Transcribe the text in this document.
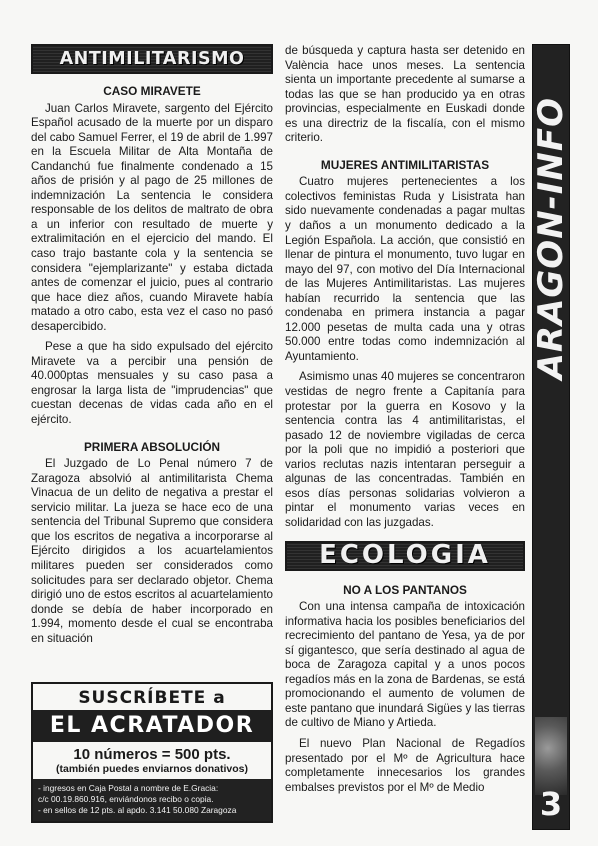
ANTIMILITARISMO
CASO MIRAVETE

Juan Carlos Miravete, sargento del Ejército Español acusado de la muerte por un disparo del cabo Samuel Ferrer, el 19 de abril de 1.997 en la Escuela Militar de Alta Montaña de Candanchú fue finalmente condenado a 15 años de prisión y al pago de 25 millones de indemnización La sentencia le considera responsable de los delitos de maltrato de obra a un inferior con resultado de muerte y extralimitación en el ejercicio del mando. El caso trajo bastante cola y la sentencia se considera "ejemplarizante" y estaba dictada antes de comenzar el juicio, pues al contrario que hace diez años, cuando Miravete había matado a otro cabo, esta vez el caso no pasó desapercibido.

Pese a que ha sido expulsado del ejército Miravete va a percibir una pensión de 40.000ptas mensuales y su caso pasa a engrosar la larga lista de "imprudencias" que cuestan decenas de vidas cada año en el ejército.

PRIMERA ABSOLUCIÓN

El Juzgado de Lo Penal número 7 de Zaragoza absolvió al antimilitarista Chema Vinacua de un delito de negativa a prestar el servicio militar. La jueza se hace eco de una sentencia del Tribunal Supremo que considera que los escritos de negativa a incorporarse al Ejército dirigidos a los acuartelamientos militares pueden ser considerados como solicitudes para ser declarado objetor. Chema dirigió uno de estos escritos al acuartelamiento donde se debía de haber incorporado en 1.994, momento desde el cual se encontraba en situación

SUSCRÍBETE a
EL ACRATADOR
10 números = 500 pts.
(también puedes enviarnos donativos)
- ingresos en Caja Postal a nombre de E.Gracia:
c/c 00.19.860.916, enviándonos recibo o copia.
- en sellos de 12 pts. al apdo. 3.141 50.080 Zaragoza

de búsqueda y captura hasta ser detenido en València hace unos meses. La sentencia sienta un importante precedente al sumarse a todas las que se han producido ya en otras provincias, especialmente en Euskadi donde es una directriz de la fiscalía, con el mismo criterio.

MUJERES ANTIMILITARISTAS

Cuatro mujeres pertenecientes a los colectivos feministas Ruda y Lisistrata han sido nuevamente condenadas a pagar multas y daños a un monumento dedicado a la Legión Española. La acción, que consistió en llenar de pintura el monumento, tuvo lugar en mayo del 97, con motivo del Día Internacional de las Mujeres Antimilitaristas. Las mujeres habían recurrido la sentencia que las condenaba en primera instancia a pagar 12.000 pesetas de multa cada una y otras 50.000 entre todas como indemnización al Ayuntamiento.

Asimismo unas 40 mujeres se concentraron vestidas de negro frente a Capitanía para protestar por la guerra en Kosovo y la sentencia contra las 4 antimilitaristas, el pasado 12 de noviembre vigiladas de cerca por la poli que no impidió a posteriori que varios reclutas nazis intentaran perseguir a algunas de las concentradas. También en esos días personas solidarias volvieron a pintar el monumento varias veces en solidaridad con las juzgadas.

ECOLOGIA
NO A LOS PANTANOS

Con una intensa campaña de intoxicación informativa hacia los posibles beneficiarios del recrecimiento del pantano de Yesa, ya de por sí gigantesco, que sería destinado al agua de boca de Zaragoza capital y a unos pocos regadíos más en la zona de Bardenas, se está promocionando el aumento de volumen de este pantano que inundará Sigües y las tierras de cultivo de Miano y Artieda.

El nuevo Plan Nacional de Regadíos presentado por el Mº de Agricultura hace completamente innecesarios los grandes embalses previstos por el Mº de Medio

ARAGON-INFO
3
